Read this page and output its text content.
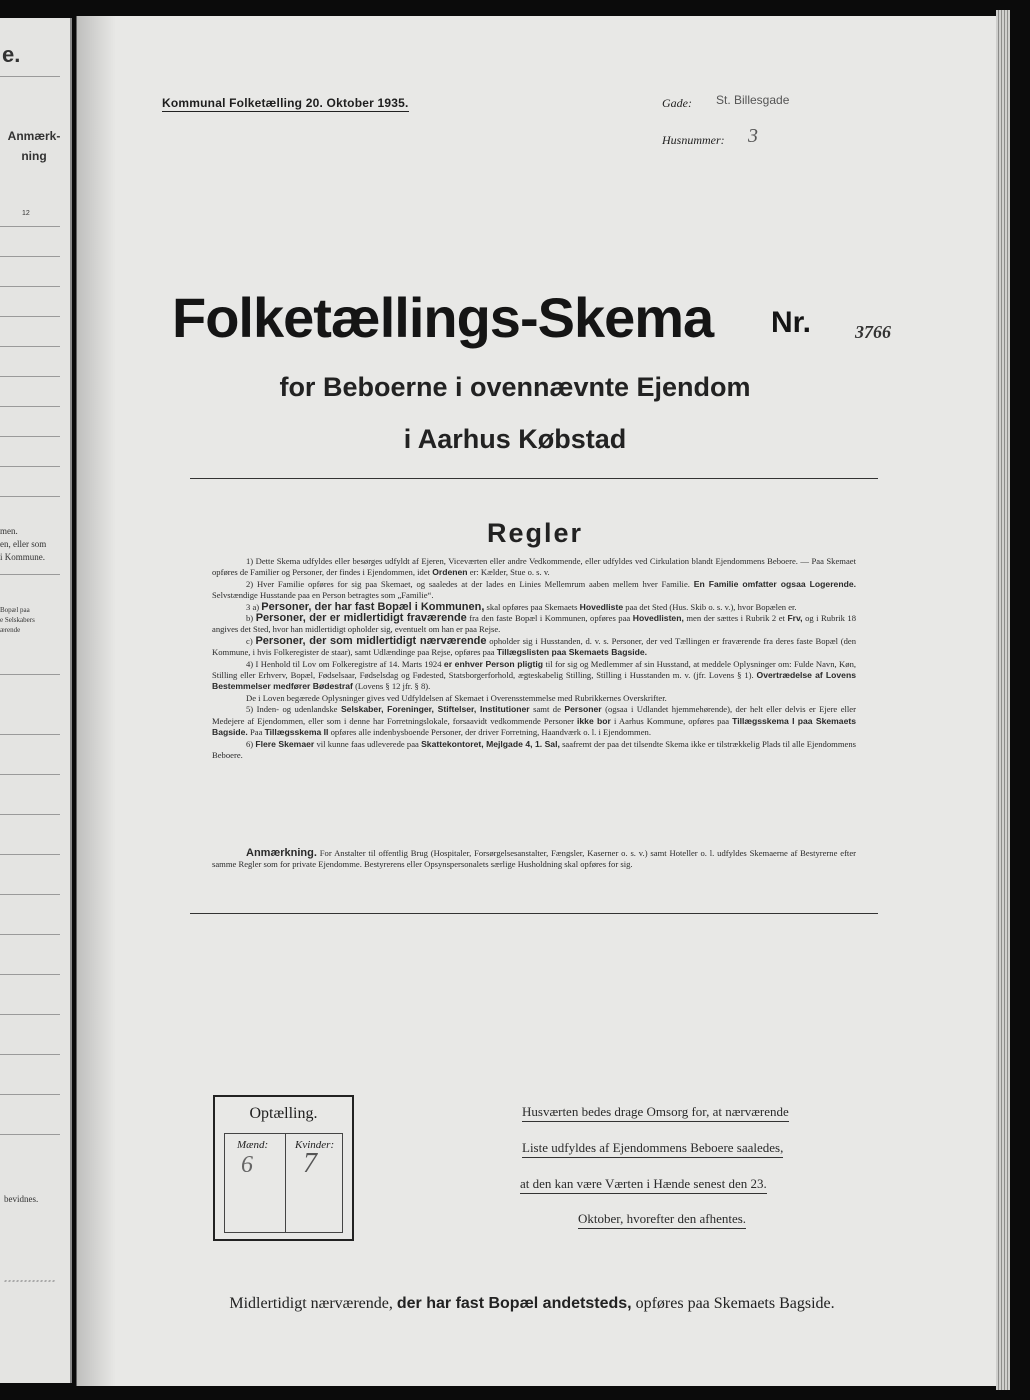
e.
Anmærk-
ning
12
men.
en, eller som
i Kommune.
Bopæl paa
e Selskabers
ærende
bevidnes.
Kommunal Folketælling 20. Oktober 1935.	Gade: St. Billesgade
Husnummer: 3
Folketællings-Skema Nr. 3766
for Beboerne i ovennævnte Ejendom
i Aarhus Købstad
Regler

1) Dette Skema udfyldes eller besørges udfyldt af Ejeren, Viceværten eller andre Vedkommende, eller udfyldes ved Cirkulation blandt Ejendommens Beboere. — Paa Skemaet opføres de Familier og Personer, der findes i Ejendommen, idet Ordenen er: Kælder, Stue o. s. v.

2) Hver Familie opføres for sig paa Skemaet, og saaledes at der lades en Linies Mellemrum aaben mellem hver Familie. En Familie omfatter ogsaa Logerende. Selvstændige Husstande paa en Person betragtes som „Familie“.

3 a) Personer, der har fast Bopæl i Kommunen, skal opføres paa Skemaets Hovedliste paa det Sted (Hus. Skib o. s. v.), hvor Bopælen er.

b) Personer, der er midlertidigt fraværende fra den faste Bopæl i Kommunen, opføres paa Hovedlisten, men der sættes i Rubrik 2 et Frv, og i Rubrik 18 angives det Sted, hvor han midlertidigt opholder sig, eventuelt om han er paa Rejse.

c) Personer, der som midlertidigt nærværende opholder sig i Husstanden, d. v. s. Personer, der ved Tællingen er fraværende fra deres faste Bopæl (den Kommune, i hvis Folkeregister de staar), samt Udlændinge paa Rejse, opføres paa Tillægslisten paa Skemaets Bagside.

4) I Henhold til Lov om Folkeregistre af 14. Marts 1924 er enhver Person pligtig til for sig og Medlemmer af sin Husstand, at meddele Oplysninger om: Fulde Navn, Køn, Stilling eller Erhverv, Bopæl, Fødselsaar, Fødselsdag og Fødested, Statsborgerforhold, ægteskabelig Stilling, Stilling i Husstanden m. v. (jfr. Lovens § 1). Overtrædelse af Lovens Bestemmelser medfører Bødestraf (Lovens § 12 jfr. § 8).

De i Loven begærede Oplysninger gives ved Udfyldelsen af Skemaet i Overensstemmelse med Rubrikkernes Overskrifter.

5) Inden- og udenlandske Selskaber, Foreninger, Stiftelser, Institutioner samt de Personer (ogsaa i Udlandet hjemmehørende), der helt eller delvis er Ejere eller Medejere af Ejendommen, eller som i denne har Forretningslokale, forsaavidt vedkommende Personer ikke bor i Aarhus Kommune, opføres paa Tillægsskema I paa Skemaets Bagside. Paa Tillægsskema II opføres alle indenbysboende Personer, der driver Forretning, Haandværk o. l. i Ejendommen.

6) Flere Skemaer vil kunne faas udleverede paa Skattekontoret, Mejlgade 4, 1. Sal, saafremt der paa det tilsendte Skema ikke er tilstrækkelig Plads til alle Ejendommens Beboere.

Anmærkning. For Anstalter til offentlig Brug (Hospitaler, Forsørgelsesanstalter, Fængsler, Kaserner o. s. v.) samt Hoteller o. l. udfyldes Skemaerne af Bestyrerne efter samme Regler som for private Ejendomme. Bestyrerens eller Opsynspersonalets særlige Husholdning skal opføres for sig.
Optælling.
Mænd: Kvinder:
6 7
Husværten bedes drage Omsorg for, at nærværende
Liste udfyldes af Ejendommens Beboere saaledes,
at den kan være Værten i Hænde senest den 23.
Oktober, hvorefter den afhentes.
Midlertidigt nærværende, der har fast Bopæl andetsteds, opføres paa Skemaets Bagside.
